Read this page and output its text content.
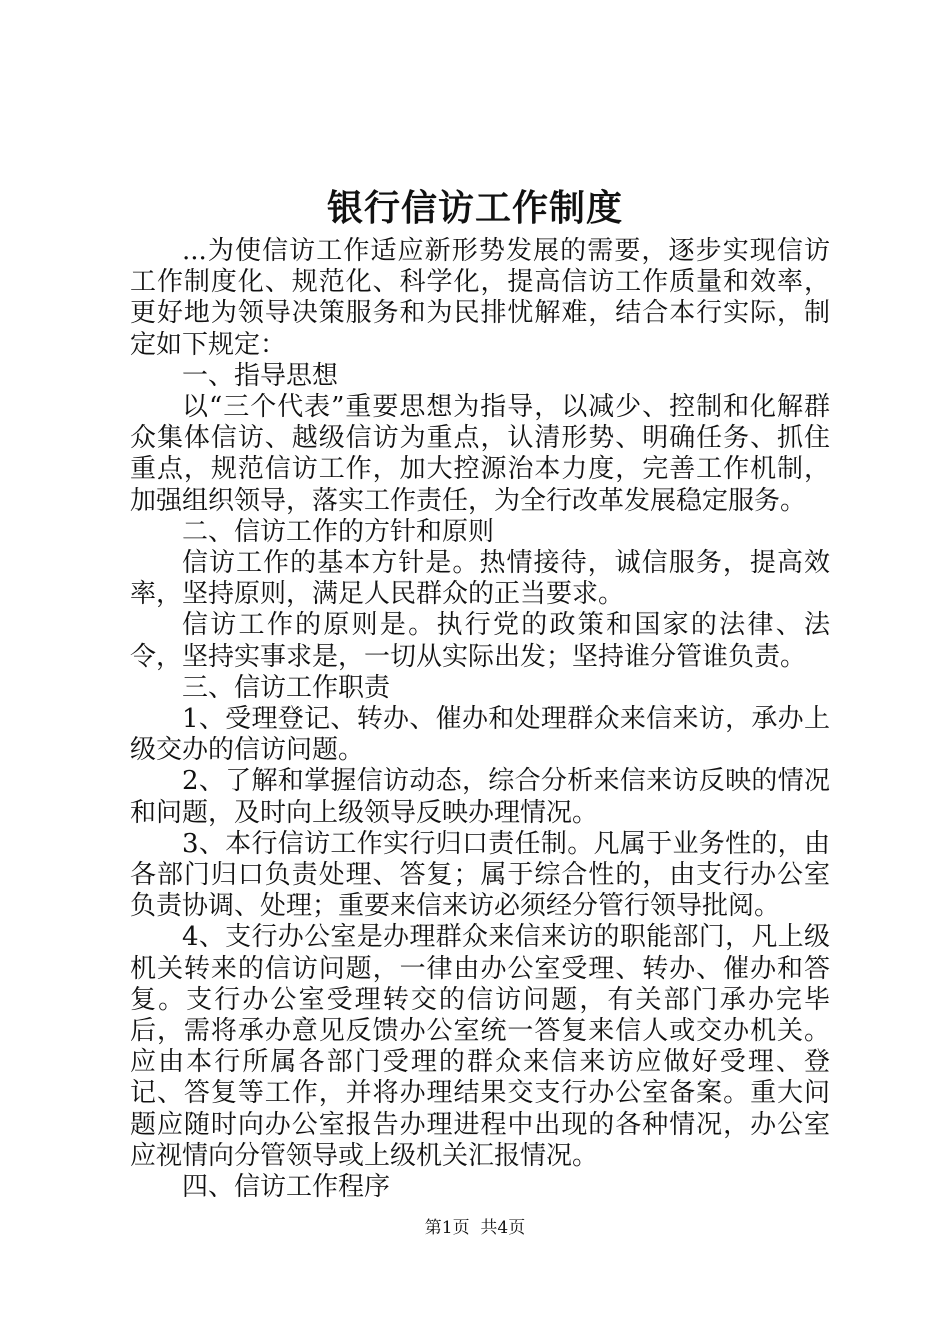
银行信访工作制度

...为使信访工作适应新形势发展的需要，逐步实现信访工作制度化、规范化、科学化，提高信访工作质量和效率，更好地为领导决策服务和为民排忧解难，结合本行实际，制定如下规定：

一、指导思想

以“三个代表”重要思想为指导，以减少、控制和化解群众集体信访、越级信访为重点，认清形势、明确任务、抓住重点，规范信访工作，加大控源治本力度，完善工作机制，加强组织领导，落实工作责任，为全行改革发展稳定服务。

二、信访工作的方针和原则

信访工作的基本方针是。热情接待，诚信服务，提高效率，坚持原则，满足人民群众的正当要求。

信访工作的原则是。执行党的政策和国家的法律、法令，坚持实事求是，一切从实际出发；坚持谁分管谁负责。

三、信访工作职责

1、受理登记、转办、催办和处理群众来信来访，承办上级交办的信访问题。

2、了解和掌握信访动态，综合分析来信来访反映的情况和问题，及时向上级领导反映办理情况。

3、本行信访工作实行归口责任制。凡属于业务性的，由各部门归口负责处理、答复；属于综合性的，由支行办公室负责协调、处理；重要来信来访必须经分管行领导批阅。

4、支行办公室是办理群众来信来访的职能部门，凡上级机关转来的信访问题，一律由办公室受理、转办、催办和答复。支行办公室受理转交的信访问题，有关部门承办完毕后，需将承办意见反馈办公室统一答复来信人或交办机关。应由本行所属各部门受理的群众来信来访应做好受理、登记、答复等工作，并将办理结果交支行办公室备案。重大问题应随时向办公室报告办理进程中出现的各种情况，办公室应视情向分管领导或上级机关汇报情况。

四、信访工作程序

第1页  共4页
